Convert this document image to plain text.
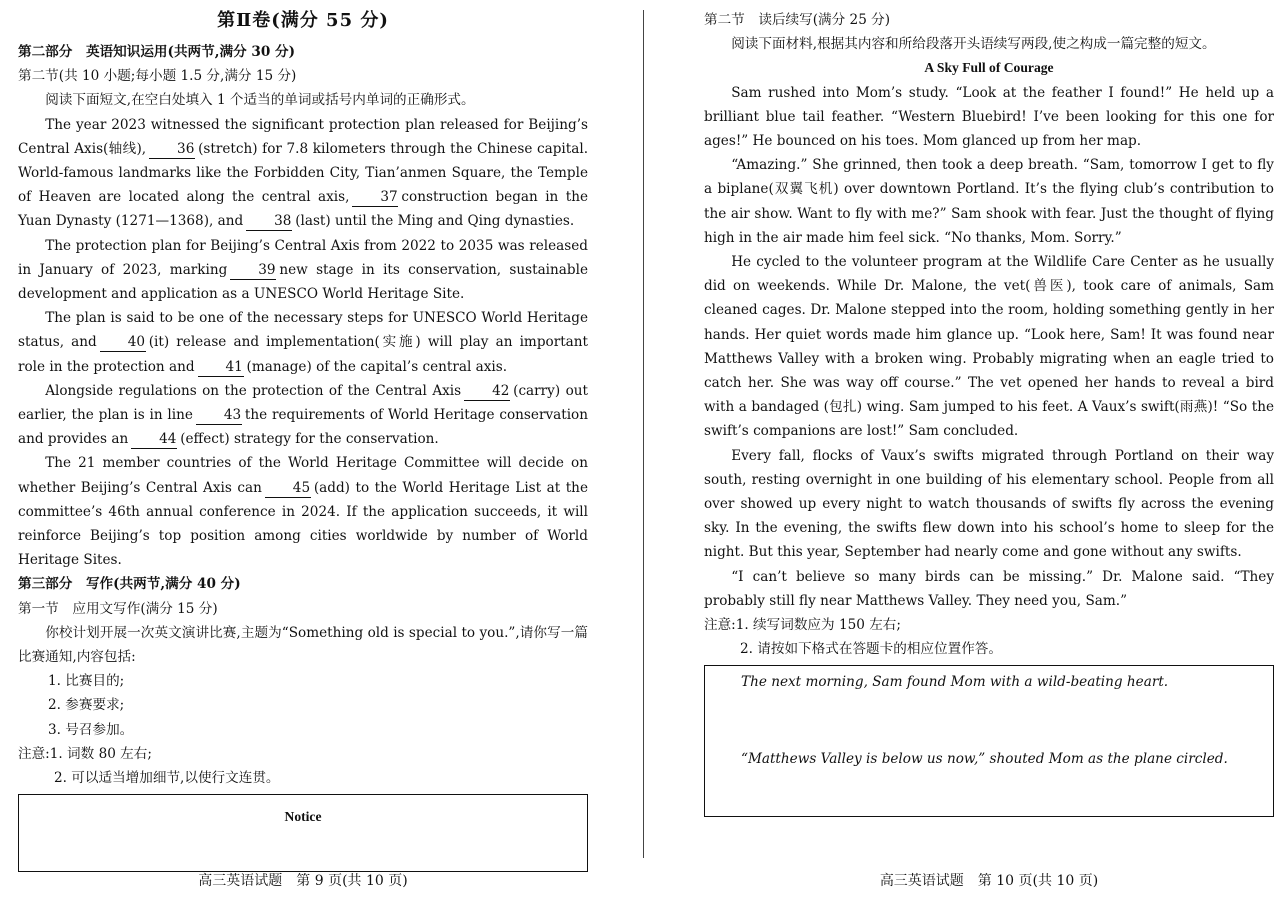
第Ⅱ卷(满分 55 分)
第二部分　英语知识运用(共两节,满分 30 分)
第二节(共 10 小题;每小题 1.5 分,满分 15 分)

阅读下面短文,在空白处填入 1 个适当的单词或括号内单词的正确形式。

The year 2023 witnessed the significant protection plan released for Beijing’s Central Axis(轴线), 36 (stretch) for 7.8 kilometers through the Chinese capital. World-famous landmarks like the Forbidden City, Tian’anmen Square, the Temple of Heaven are located along the central axis, 37 construction began in the Yuan Dynasty (1271—1368), and 38 (last) until the Ming and Qing dynasties.

The protection plan for Beijing’s Central Axis from 2022 to 2035 was released in January of 2023, marking 39 new stage in its conservation, sustainable development and application as a UNESCO World Heritage Site.

The plan is said to be one of the necessary steps for UNESCO World Heritage status, and 40 (it) release and implementation(实施) will play an important role in the protection and 41 (manage) of the capital’s central axis.

Alongside regulations on the protection of the Central Axis 42 (carry) out earlier, the plan is in line 43 the requirements of World Heritage conservation and provides an 44 (effect) strategy for the conservation.

The 21 member countries of the World Heritage Committee will decide on whether Beijing’s Central Axis can 45 (add) to the World Heritage List at the committee’s 46th annual conference in 2024. If the application succeeds, it will reinforce Beijing’s top position among cities worldwide by number of World Heritage Sites.

第三部分　写作(共两节,满分 40 分)
第一节　应用文写作(满分 15 分)

你校计划开展一次英文演讲比赛,主题为“Something old is special to you.”,请你写一篇比赛通知,内容包括:

1. 比赛目的;
2. 参赛要求;
3. 号召参加。
注意:1. 词数 80 左右;
2. 可以适当增加细节,以使行文连贯。
Notice
第二节　读后续写(满分 25 分)

阅读下面材料,根据其内容和所给段落开头语续写两段,使之构成一篇完整的短文。

A Sky Full of Courage

Sam rushed into Mom’s study. “Look at the feather I found!” He held up a brilliant blue tail feather. “Western Bluebird! I’ve been looking for this one for ages!” He bounced on his toes. Mom glanced up from her map.

“Amazing.” She grinned, then took a deep breath. “Sam, tomorrow I get to fly a biplane(双翼飞机) over downtown Portland. It’s the flying club’s contribution to the air show. Want to fly with me?” Sam shook with fear. Just the thought of flying high in the air made him feel sick. “No thanks, Mom. Sorry.”

He cycled to the volunteer program at the Wildlife Care Center as he usually did on weekends. While Dr. Malone, the vet(兽医), took care of animals, Sam cleaned cages. Dr. Malone stepped into the room, holding something gently in her hands. Her quiet words made him glance up. “Look here, Sam! It was found near Matthews Valley with a broken wing. Probably migrating when an eagle tried to catch her. She was way off course.” The vet opened her hands to reveal a bird with a bandaged (包扎) wing. Sam jumped to his feet. A Vaux’s swift(雨燕)! “So the swift’s companions are lost!” Sam concluded.

Every fall, flocks of Vaux’s swifts migrated through Portland on their way south, resting overnight in one building of his elementary school. People from all over showed up every night to watch thousands of swifts fly across the evening sky. In the evening, the swifts flew down into his school’s home to sleep for the night. But this year, September had nearly come and gone without any swifts.

“I can’t believe so many birds can be missing.” Dr. Malone said. “They probably still fly near Matthews Valley. They need you, Sam.”

注意:1. 续写词数应为 150 左右;
2. 请按如下格式在答题卡的相应位置作答。

The next morning, Sam found Mom with a wild-beating heart.

“Matthews Valley is below us now,” shouted Mom as the plane circled.

高三英语试题　第 9 页(共 10 页)	高三英语试题　第 10 页(共 10 页)
